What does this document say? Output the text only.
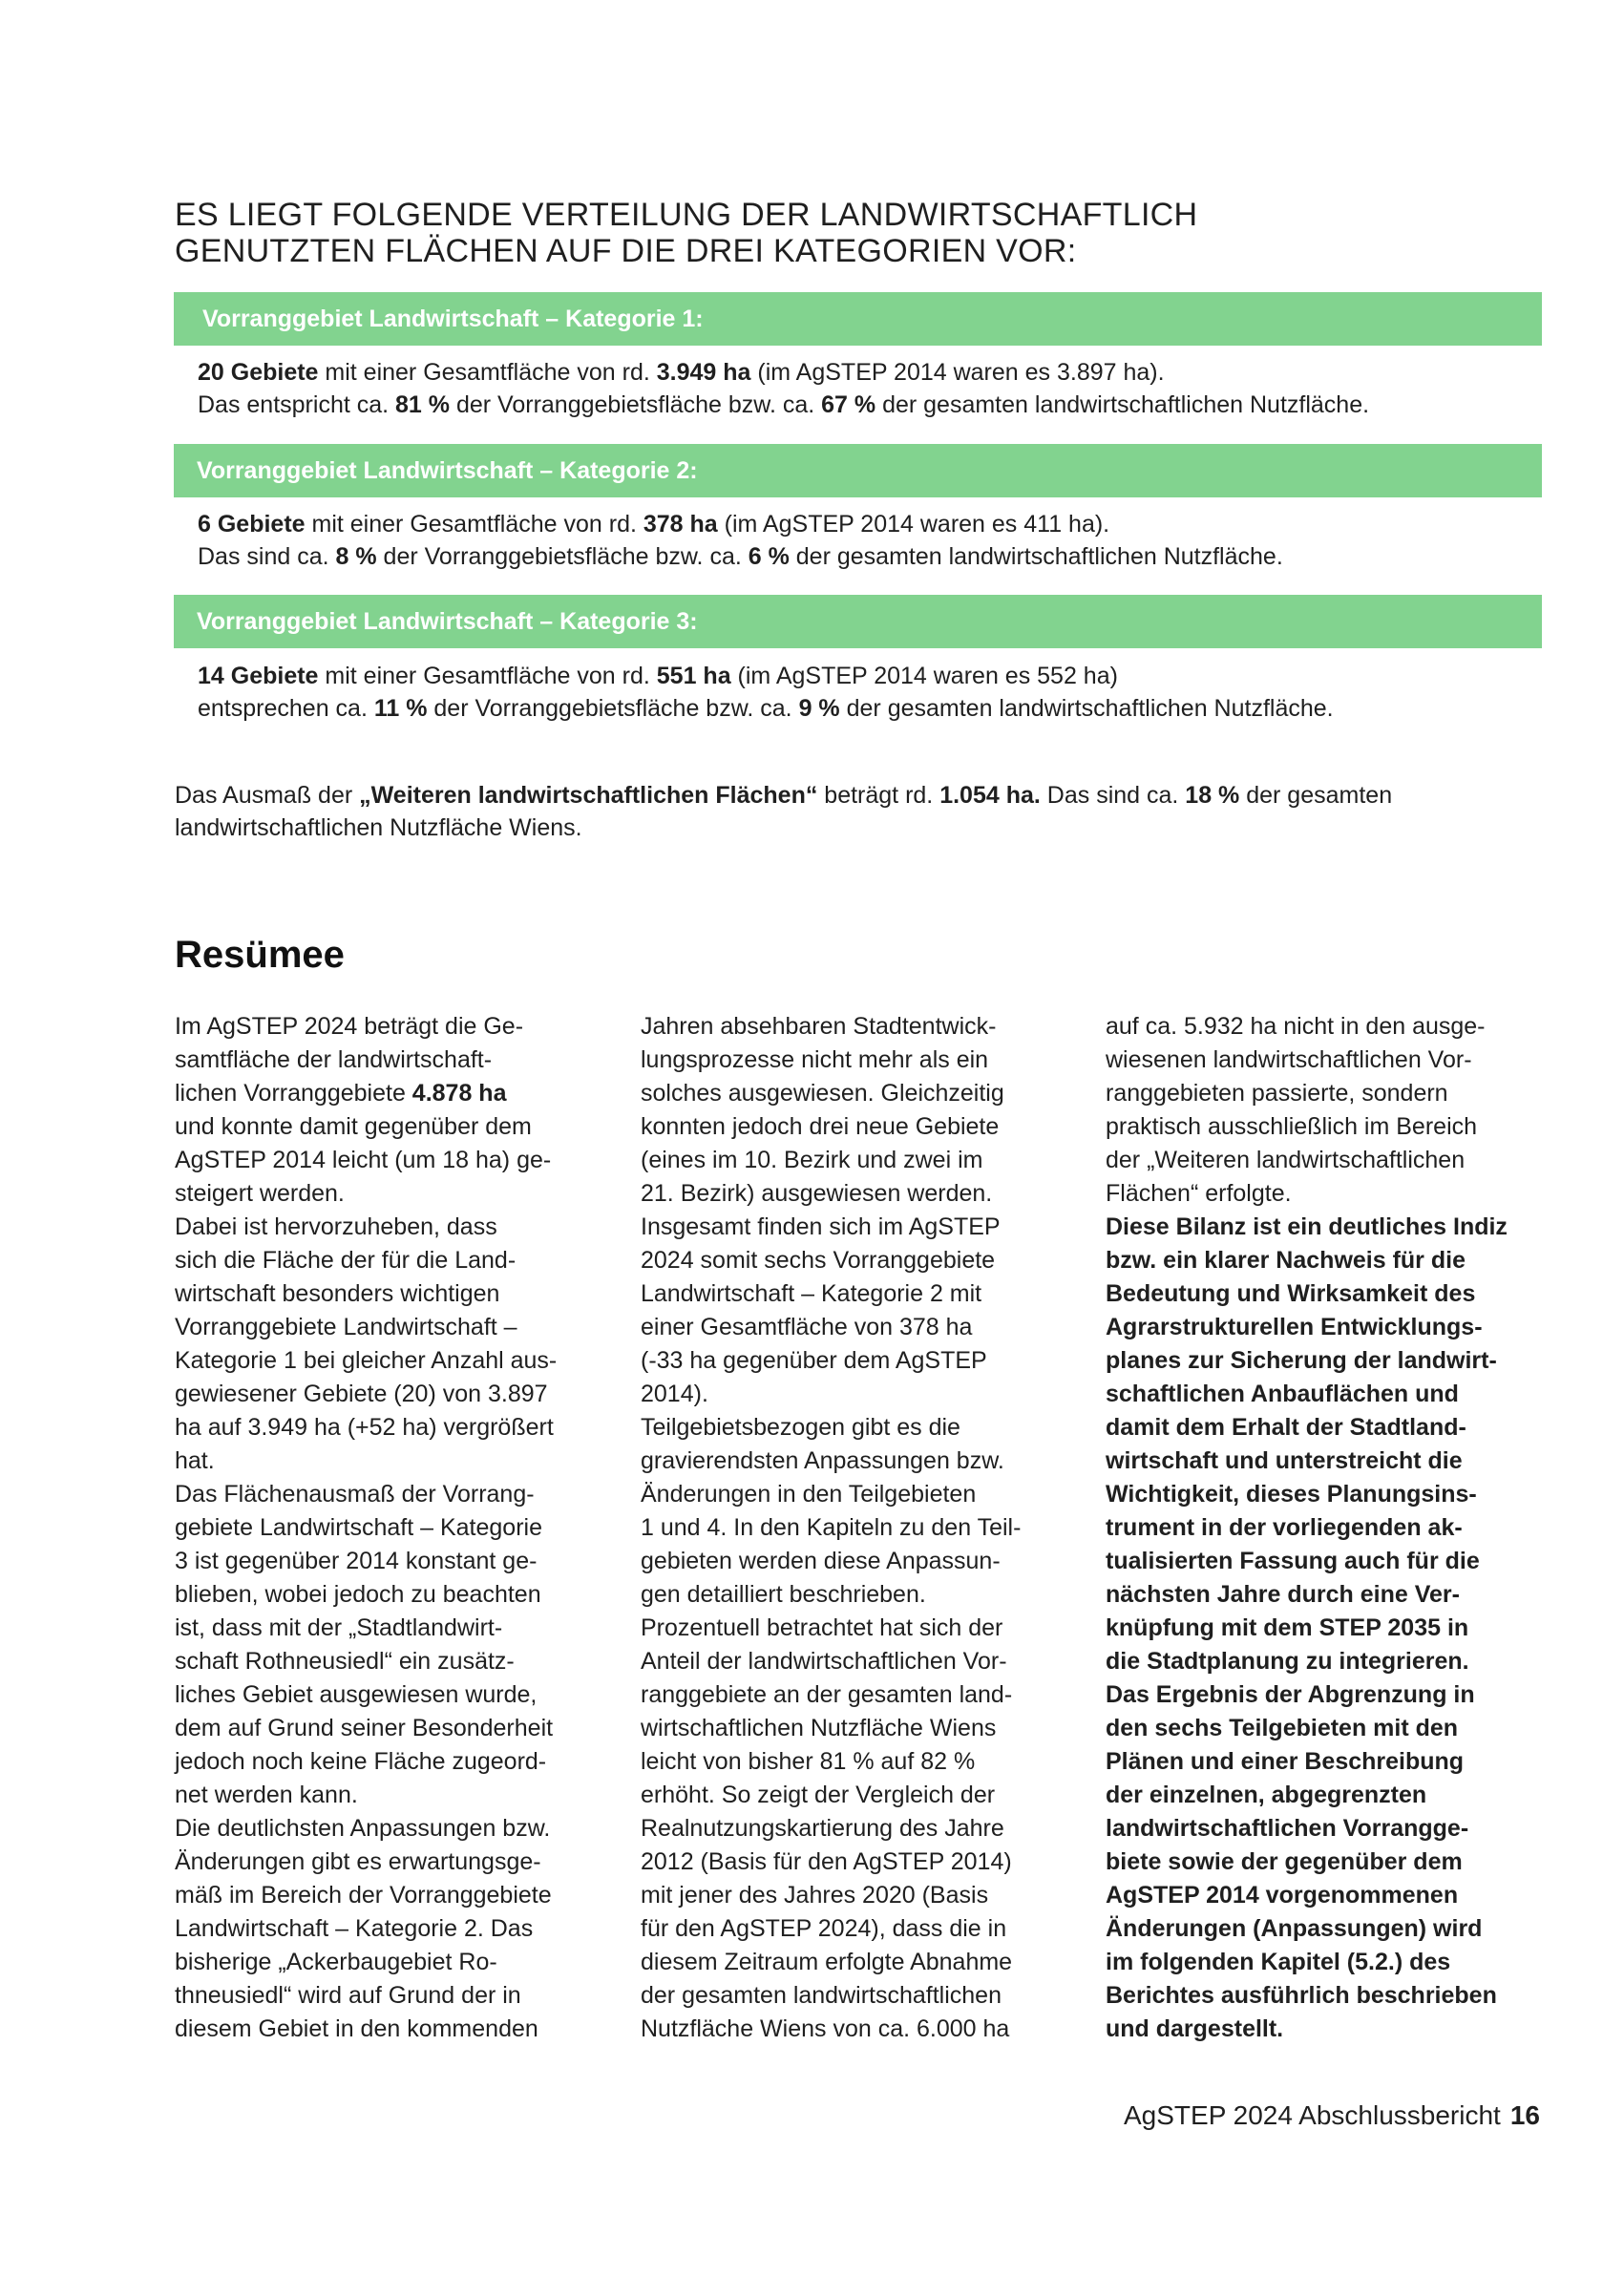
ES LIEGT FOLGENDE VERTEILUNG DER LANDWIRTSCHAFTLICH
GENUTZTEN FLÄCHEN AUF DIE DREI KATEGORIEN VOR:
Vorranggebiet Landwirtschaft – Kategorie 1:
20 Gebiete mit einer Gesamtfläche von rd. 3.949 ha (im AgSTEP 2014 waren es 3.897 ha).
Das entspricht ca. 81 % der Vorranggebietsfläche bzw. ca. 67 % der gesamten landwirtschaftlichen Nutzfläche.
Vorranggebiet Landwirtschaft – Kategorie 2:
6 Gebiete mit einer Gesamtfläche von rd. 378 ha (im AgSTEP 2014 waren es 411 ha).
Das sind ca. 8 % der Vorranggebietsfläche bzw. ca. 6 % der gesamten landwirtschaftlichen Nutzfläche.
Vorranggebiet Landwirtschaft – Kategorie 3:
14 Gebiete mit einer Gesamtfläche von rd. 551 ha (im AgSTEP 2014 waren es 552 ha)
entsprechen ca. 11 % der Vorranggebietsfläche bzw. ca. 9 % der gesamten landwirtschaftlichen Nutzfläche.
Das Ausmaß der „Weiteren landwirtschaftlichen Flächen“ beträgt rd. 1.054 ha. Das sind ca. 18 % der gesamten
landwirtschaftlichen Nutzfläche Wiens.
Resümee
Im AgSTEP 2024 beträgt die Ge-
samtfläche der landwirtschaft-
lichen Vorranggebiete 4.878 ha
und konnte damit gegenüber dem
AgSTEP 2014 leicht (um 18 ha) ge-
steigert werden.
Dabei ist hervorzuheben, dass
sich die Fläche der für die Land-
wirtschaft besonders wichtigen
Vorranggebiete Landwirtschaft –
Kategorie 1 bei gleicher Anzahl aus-
gewiesener Gebiete (20) von 3.897
ha auf 3.949 ha (+52 ha) vergrößert
hat.
Das Flächenausmaß der Vorrang-
gebiete Landwirtschaft – Kategorie
3 ist gegenüber 2014 konstant ge-
blieben, wobei jedoch zu beachten
ist, dass mit der „Stadtlandwirt-
schaft Rothneusiedl“ ein zusätz-
liches Gebiet ausgewiesen wurde,
dem auf Grund seiner Besonderheit
jedoch noch keine Fläche zugeord-
net werden kann.
Die deutlichsten Anpassungen bzw.
Änderungen gibt es erwartungsge-
mäß im Bereich der Vorranggebiete
Landwirtschaft – Kategorie 2. Das
bisherige „Ackerbaugebiet Ro-
thneusiedl“ wird auf Grund der in
diesem Gebiet in den kommenden
Jahren absehbaren Stadtentwick-
lungsprozesse nicht mehr als ein
solches ausgewiesen. Gleichzeitig
konnten jedoch drei neue Gebiete
(eines im 10. Bezirk und zwei im
21. Bezirk) ausgewiesen werden.
Insgesamt finden sich im AgSTEP
2024 somit sechs Vorranggebiete
Landwirtschaft – Kategorie 2 mit
einer Gesamtfläche von 378 ha
(-33 ha gegenüber dem AgSTEP
2014).
Teilgebietsbezogen gibt es die
gravierendsten Anpassungen bzw.
Änderungen in den Teilgebieten
1 und 4. In den Kapiteln zu den Teil-
gebieten werden diese Anpassun-
gen detailliert beschrieben.
Prozentuell betrachtet hat sich der
Anteil der landwirtschaftlichen Vor-
ranggebiete an der gesamten land-
wirtschaftlichen Nutzfläche Wiens
leicht von bisher 81 % auf 82 %
erhöht. So zeigt der Vergleich der
Realnutzungskartierung des Jahre
2012 (Basis für den AgSTEP 2014)
mit jener des Jahres 2020 (Basis
für den AgSTEP 2024), dass die in
diesem Zeitraum erfolgte Abnahme
der gesamten landwirtschaftlichen
Nutzfläche Wiens von ca. 6.000 ha
auf ca. 5.932 ha nicht in den ausge-
wiesenen landwirtschaftlichen Vor-
ranggebieten passierte, sondern
praktisch ausschließlich im Bereich
der „Weiteren landwirtschaftlichen
Flächen“ erfolgte.
Diese Bilanz ist ein deutliches Indiz
bzw. ein klarer Nachweis für die
Bedeutung und Wirksamkeit des
Agrarstrukturellen Entwicklungs-
planes zur Sicherung der landwirt-
schaftlichen Anbauflächen und
damit dem Erhalt der Stadtland-
wirtschaft und unterstreicht die
Wichtigkeit, dieses Planungsins-
trument in der vorliegenden ak-
tualisierten Fassung auch für die
nächsten Jahre durch eine Ver-
knüpfung mit dem STEP 2035 in
die Stadtplanung zu integrieren.
Das Ergebnis der Abgrenzung in
den sechs Teilgebieten mit den
Plänen und einer Beschreibung
der einzelnen, abgegrenzten
landwirtschaftlichen Vorrangge-
biete sowie der gegenüber dem
AgSTEP 2014 vorgenommenen
Änderungen (Anpassungen) wird
im folgenden Kapitel (5.2.) des
Berichtes ausführlich beschrieben
und dargestellt.
AgSTEP 2024 Abschlussbericht 16
